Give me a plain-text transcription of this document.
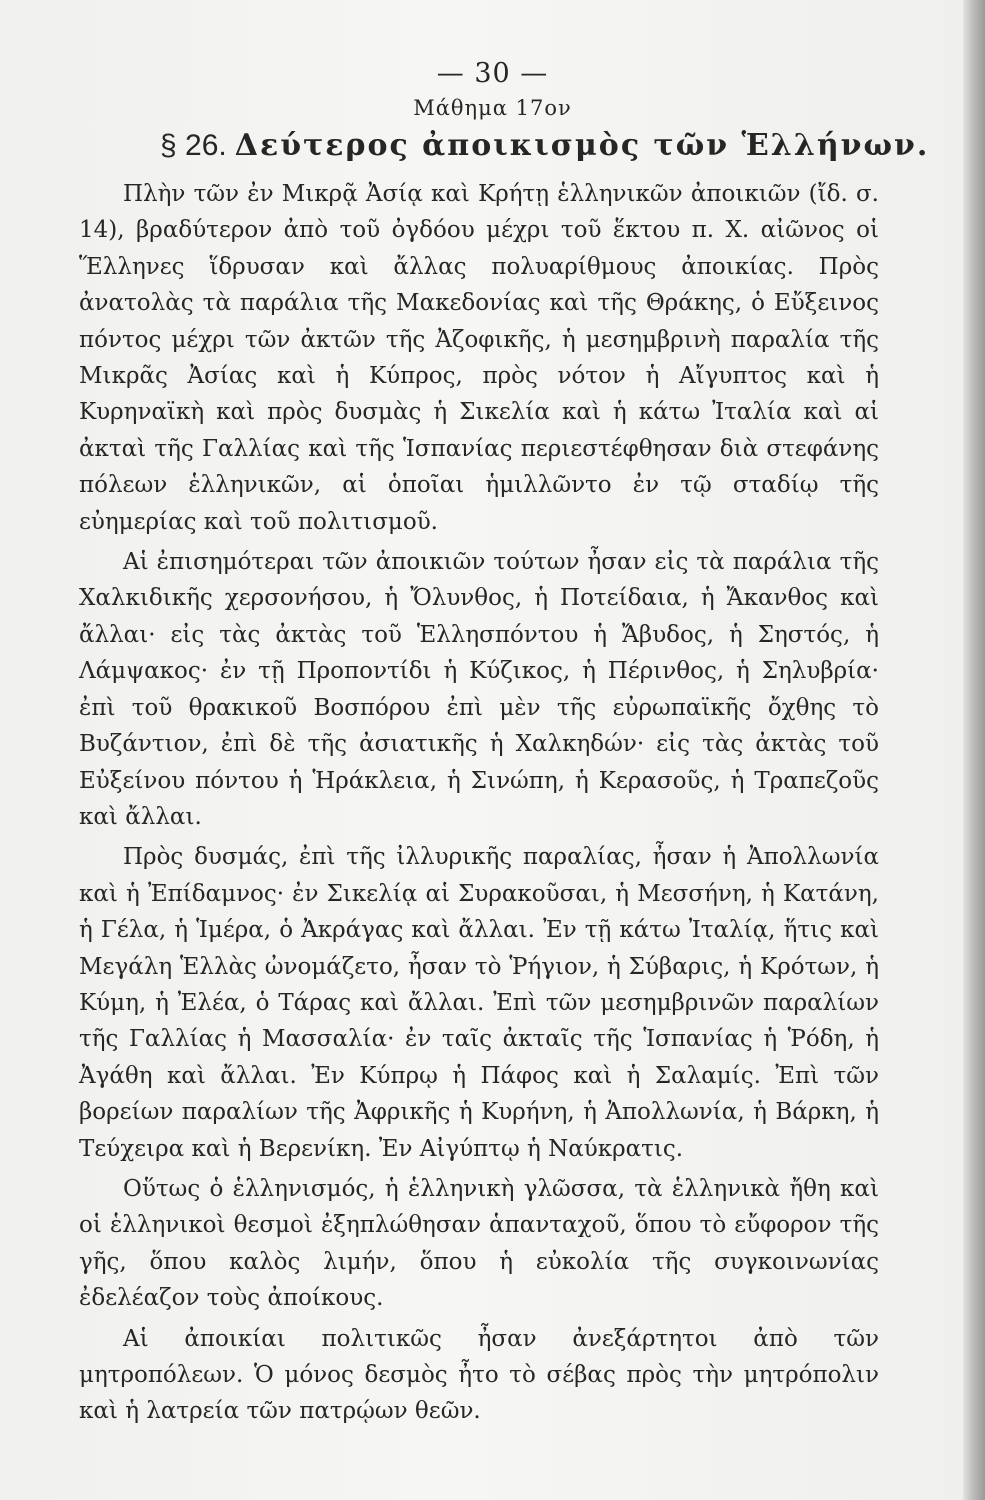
— 30 —
Μάθημα 17ον
§ 26. Δεύτερος ἀποικισμὸς τῶν Ἑλλήνων.

Πλὴν τῶν ἐν Μικρᾷ Ἀσίᾳ καὶ Κρήτῃ ἑλληνικῶν ἀποικιῶν (ἴδ. σ. 14), βραδύτερον ἀπὸ τοῦ ὀγδόου μέχρι τοῦ ἕκτου π. Χ. αἰῶνος οἱ Ἕλληνες ἵδρυσαν καὶ ἄλλας πολυαρίθμους ἀποικίας. Πρὸς ἀνατολὰς τὰ παράλια τῆς Μακεδονίας καὶ τῆς Θράκης, ὁ Εὔξεινος πόντος μέχρι τῶν ἀκτῶν τῆς Ἀζοφικῆς, ἡ μεσημβρινὴ παραλία τῆς Μικρᾶς Ἀσίας καὶ ἡ Κύπρος, πρὸς νότον ἡ Αἴγυπτος καὶ ἡ Κυρηναϊκὴ καὶ πρὸς δυσμὰς ἡ Σικελία καὶ ἡ κάτω Ἰταλία καὶ αἱ ἀκταὶ τῆς Γαλλίας καὶ τῆς Ἱσπανίας περιεστέφθησαν διὰ στεφάνης πόλεων ἑλληνικῶν, αἱ ὁποῖαι ἡμιλλῶντο ἐν τῷ σταδίῳ τῆς εὐημερίας καὶ τοῦ πολιτισμοῦ.

Αἱ ἐπισημότεραι τῶν ἀποικιῶν τούτων ἦσαν εἰς τὰ παράλια τῆς Χαλκιδικῆς χερσονήσου, ἡ Ὄλυνθος, ἡ Ποτείδαια, ἡ Ἄκανθος καὶ ἄλλαι· εἰς τὰς ἀκτὰς τοῦ Ἑλλησπόντου ἡ Ἄβυδος, ἡ Σηστός, ἡ Λάμψακος· ἐν τῇ Προποντίδι ἡ Κύζικος, ἡ Πέρινθος, ἡ Σηλυβρία· ἐπὶ τοῦ θρακικοῦ Βοσπόρου ἐπὶ μὲν τῆς εὐρωπαϊκῆς ὄχθης τὸ Βυζάντιον, ἐπὶ δὲ τῆς ἀσιατικῆς ἡ Χαλκηδών· εἰς τὰς ἀκτὰς τοῦ Εὐξείνου πόντου ἡ Ἡράκλεια, ἡ Σινώπη, ἡ Κερασοῦς, ἡ Τραπεζοῦς καὶ ἄλλαι.

Πρὸς δυσμάς, ἐπὶ τῆς ἰλλυρικῆς παραλίας, ἦσαν ἡ Ἀπολλωνία καὶ ἡ Ἐπίδαμνος· ἐν Σικελίᾳ αἱ Συρακοῦσαι, ἡ Μεσσήνη, ἡ Κατάνη, ἡ Γέλα, ἡ Ἱμέρα, ὁ Ἀκράγας καὶ ἄλλαι. Ἐν τῇ κάτω Ἰταλίᾳ, ἥτις καὶ Μεγάλη Ἑλλὰς ὠνομάζετο, ἦσαν τὸ Ῥήγιον, ἡ Σύβαρις, ἡ Κρότων, ἡ Κύμη, ἡ Ἐλέα, ὁ Τάρας καὶ ἄλλαι. Ἐπὶ τῶν μεσημβρινῶν παραλίων τῆς Γαλλίας ἡ Μασσαλία· ἐν ταῖς ἀκταῖς τῆς Ἱσπανίας ἡ Ῥόδη, ἡ Ἀγάθη καὶ ἄλλαι. Ἐν Κύπρῳ ἡ Πάφος καὶ ἡ Σαλαμίς. Ἐπὶ τῶν βορείων παραλίων τῆς Ἀφρικῆς ἡ Κυρήνη, ἡ Ἀπολλωνία, ἡ Βάρκη, ἡ Τεύχειρα καὶ ἡ Βερενίκη. Ἐν Αἰγύπτῳ ἡ Ναύκρατις.

Οὕτως ὁ ἑλληνισμός, ἡ ἑλληνικὴ γλῶσσα, τὰ ἑλληνικὰ ἤθη καὶ οἱ ἑλληνικοὶ θεσμοὶ ἐξηπλώθησαν ἁπανταχοῦ, ὅπου τὸ εὔφορον τῆς γῆς, ὅπου καλὸς λιμήν, ὅπου ἡ εὐκολία τῆς συγκοινωνίας ἐδελέαζον τοὺς ἀποίκους.

Αἱ ἀποικίαι πολιτικῶς ἦσαν ἀνεξάρτητοι ἀπὸ τῶν μητροπόλεων. Ὁ μόνος δεσμὸς ἦτο τὸ σέβας πρὸς τὴν μητρόπολιν καὶ ἡ λατρεία τῶν πατρῴων θεῶν.
